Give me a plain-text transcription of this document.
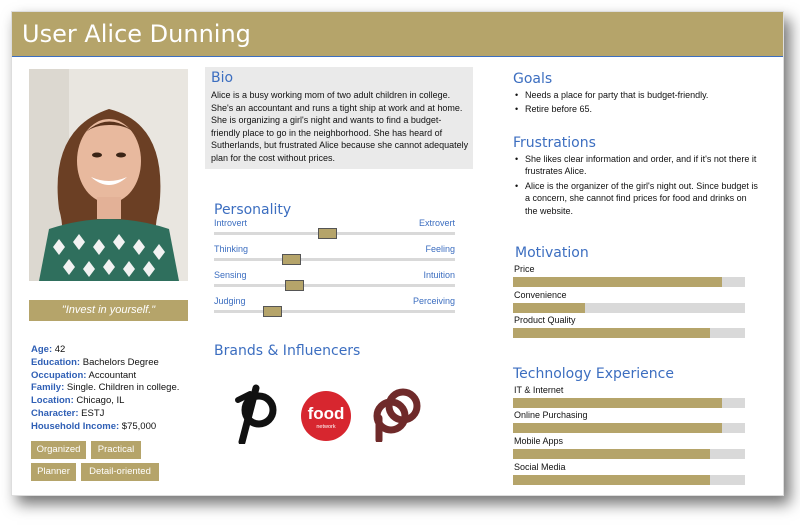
User Alice Dunning
"Invest in yourself."
Age: 42
Education: Bachelors Degree
Occupation: Accountant
Family: Single. Children in college.
Location: Chicago, IL
Character: ESTJ
Household Income: $75,000
Organized	Practical
Planner	Detail-oriented
Bio
Alice is a busy working mom of two adult children in college. She's an accountant and runs a tight ship at work and at home. She is organizing a girl's night and wants to find a budget-friendly place to go in the neighborhood. She has heard of Sutherlands, but frustrated Alice because she cannot adequately plan for the cost without prices.
Personality
Introvert	Extrovert
Thinking	Feeling
Sensing	Intuition
Judging	Perceiving
Brands & Influencers
food
network
Goals
• Needs a place for party that is budget-friendly.
• Retire before 65.
Frustrations
• She likes clear information and order, and if it's not there it frustrates Alice.
• Alice is the organizer of the girl's night out. Since budget is a concern, she cannot find prices for food and drinks on the website.
Motivation
Price
Convenience
Product Quality
Technology Experience
IT & Internet
Online Purchasing
Mobile Apps
Social Media
